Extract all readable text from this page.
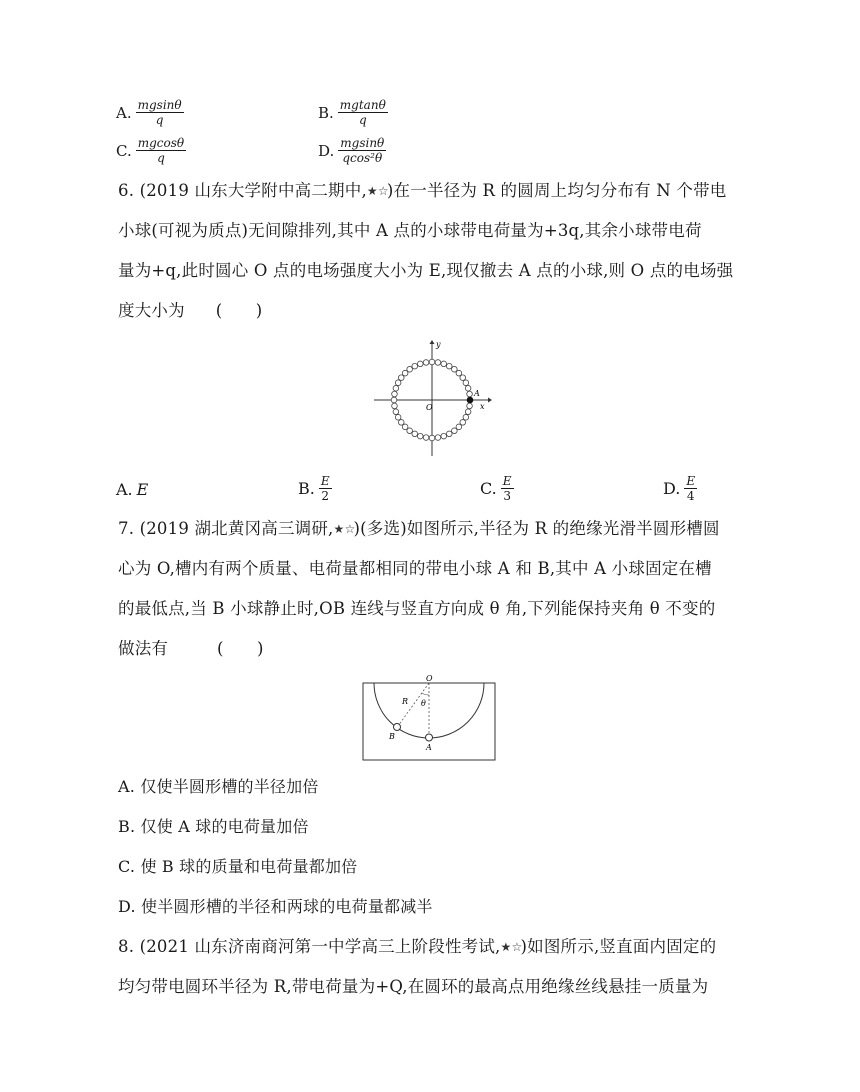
A. $\frac{mgsin\theta}{q}$	B. $\frac{mgtan\theta}{q}$
C. $\frac{mgcos\theta}{q}$	D. $\frac{mgsin\theta}{\text{qcos²θ}}$
6. (2019 山东大学附中高二期中,★☆)在一半径为 R 的圆周上均匀分布有 N 个带电
小球(可视为质点)无间隙排列,其中 A 点的小球带电荷量为+3q,其余小球带电荷
量为+q,此时圆心 O 点的电场强度大小为 E,现仅撤去 A 点的小球,则 O 点的电场强
度大小为 (　　)
y
x
O
A
A. E	B. $\frac{E}{2}$	C. $\frac{E}{3}$	D. $\frac{E}{4}$
7. (2019 湖北黄冈高三调研,★☆)(多选)如图所示,半径为 R 的绝缘光滑半圆形槽圆
心为 O,槽内有两个质量、电荷量都相同的带电小球 A 和 B,其中 A 小球固定在槽
的最低点,当 B 小球静止时,OB 连线与竖直方向成 θ 角,下列能保持夹角 θ 不变的
做法有	(　　)
O
R θ
B
A
A. 仅使半圆形槽的半径加倍
B. 仅使 A 球的电荷量加倍
C. 使 B 球的质量和电荷量都加倍
D. 使半圆形槽的半径和两球的电荷量都减半
8. (2021 山东济南商河第一中学高三上阶段性考试,★☆)如图所示,竖直面内固定的
均匀带电圆环半径为 R,带电荷量为+Q,在圆环的最高点用绝缘丝线悬挂一质量为
